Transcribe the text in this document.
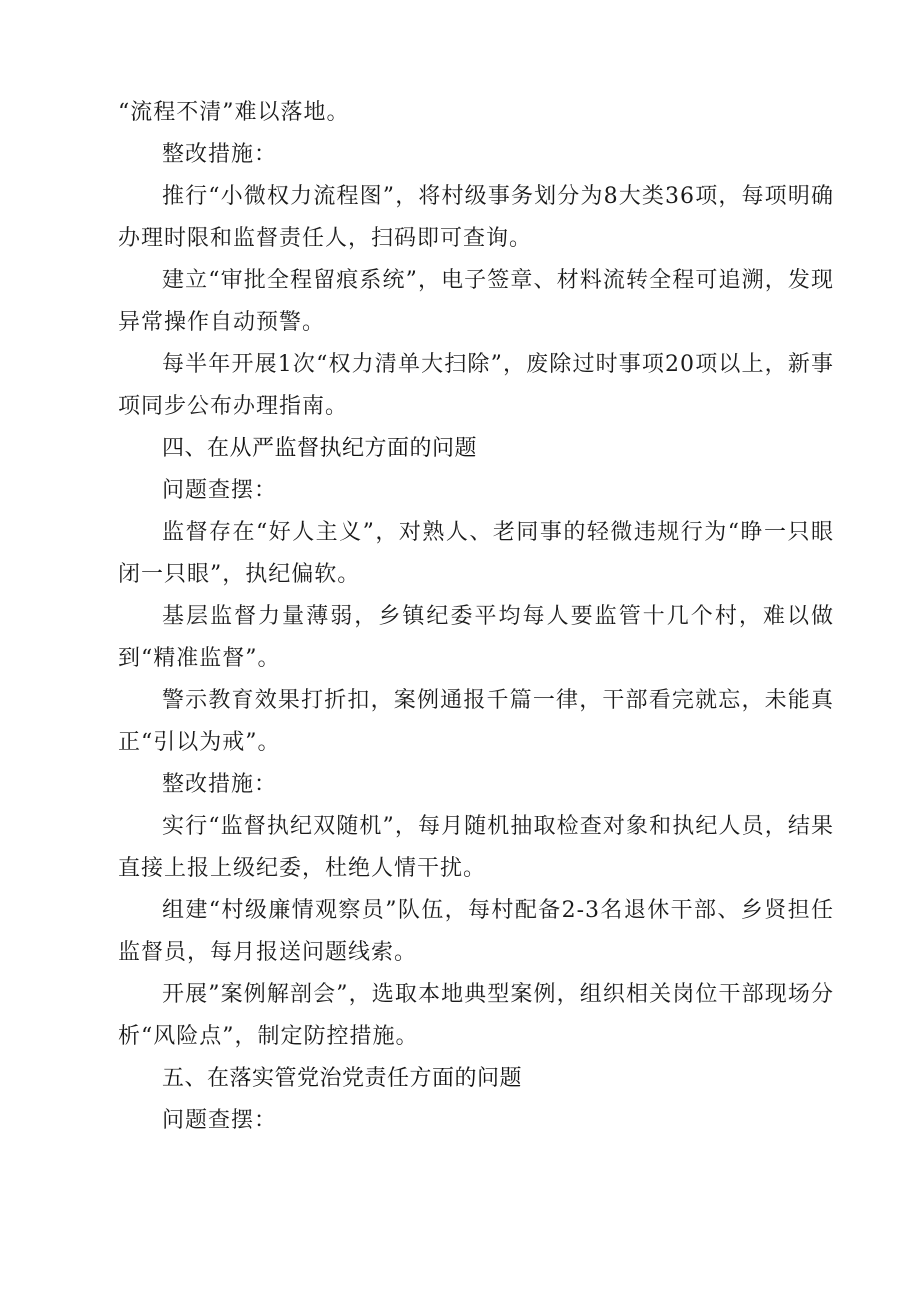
“流程不清”难以落地。

整改措施：

推行“小微权力流程图”，将村级事务划分为8大类36项，每项明确办理时限和监督责任人，扫码即可查询。

建立“审批全程留痕系统”，电子签章、材料流转全程可追溯，发现异常操作自动预警。

每半年开展1次“权力清单大扫除”，废除过时事项20项以上，新事项同步公布办理指南。

四、在从严监督执纪方面的问题

问题查摆：

监督存在“好人主义”，对熟人、老同事的轻微违规行为“睁一只眼闭一只眼”，执纪偏软。

基层监督力量薄弱，乡镇纪委平均每人要监管十几个村，难以做到“精准监督”。

警示教育效果打折扣，案例通报千篇一律，干部看完就忘，未能真正“引以为戒”。

整改措施：

实行“监督执纪双随机”，每月随机抽取检查对象和执纪人员，结果直接上报上级纪委，杜绝人情干扰。

组建“村级廉情观察员”队伍，每村配备2-3名退休干部、乡贤担任监督员，每月报送问题线索。

开展”案例解剖会”，选取本地典型案例，组织相关岗位干部现场分析“风险点”，制定防控措施。

五、在落实管党治党责任方面的问题

问题查摆：
